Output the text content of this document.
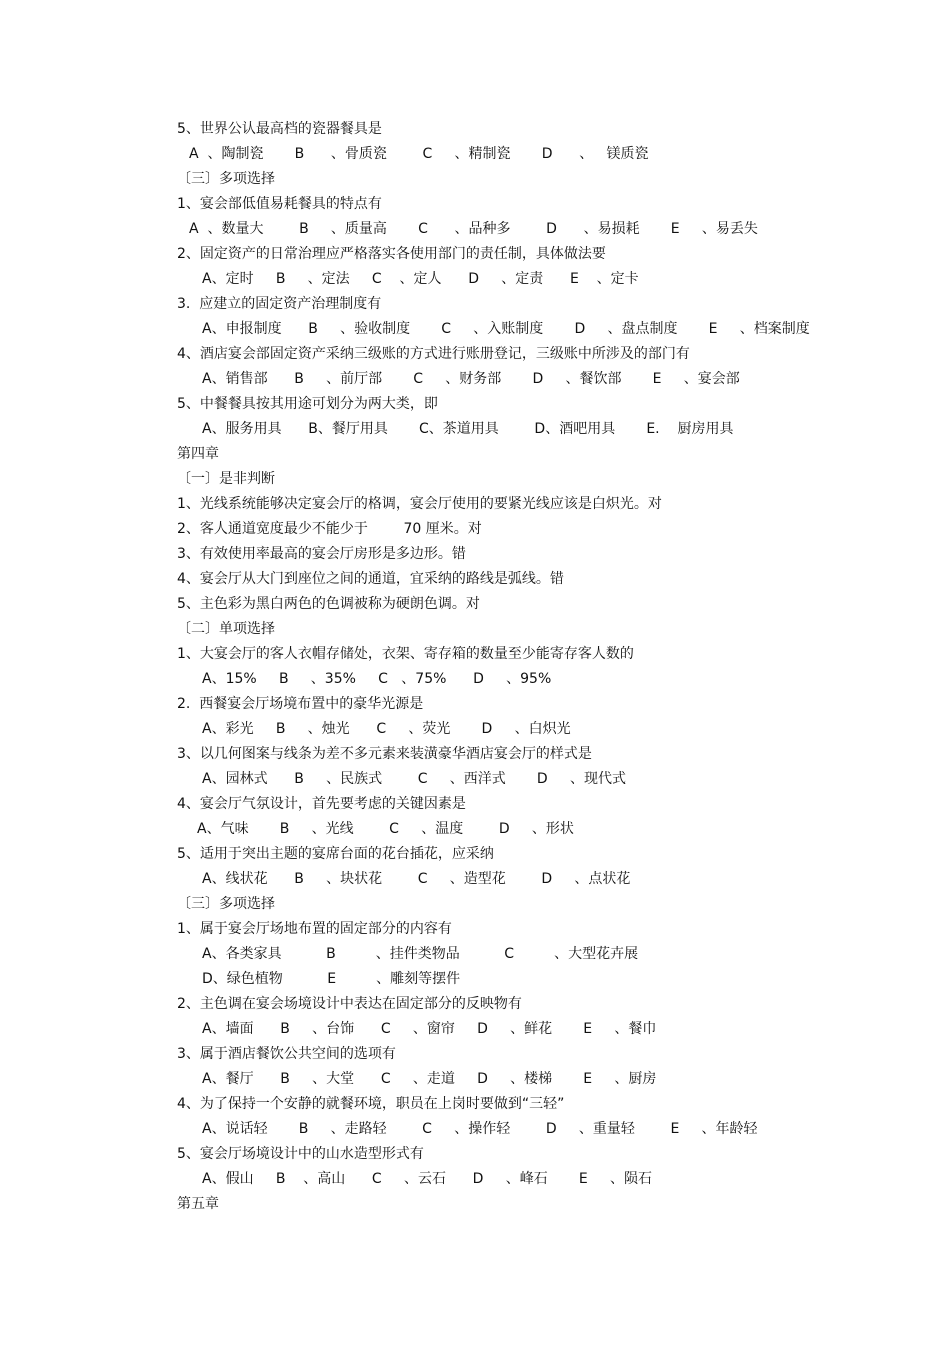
5、世界公认最高档的瓷器餐具是
A  、陶制瓷       B      、骨质瓷        C     、精制瓷       D      、   镁质瓷
〔三〕多项选择
1、宴会部低值易耗餐具的特点有
A  、数量大        B     、质量高       C      、品种多        D      、易损耗       E     、易丢失
2、固定资产的日常治理应严格落实各使用部门的责任制，具体做法要
A、定时     B     、定法     C    、定人      D     、定责      E    、定卡
3.  应建立的固定资产治理制度有
A、申报制度      B     、验收制度       C     、入账制度       D     、盘点制度       E     、档案制度
4、酒店宴会部固定资产采纳三级账的方式进行账册登记，三级账中所涉及的部门有
A、销售部      B     、前厅部       C     、财务部       D     、餐饮部       E     、宴会部
5、中餐餐具按其用途可划分为两大类，即
A、服务用具      B、餐厅用具       C、茶道用具        D、酒吧用具       E.    厨房用具
第四章
〔一〕是非判断
1、光线系统能够决定宴会厅的格调，宴会厅使用的要紧光线应该是白炽光。对
2、客人通道宽度最少不能少于        70 厘米。对
3、有效使用率最高的宴会厅房形是多边形。错
4、宴会厅从大门到座位之间的通道，宜采纳的路线是弧线。错
5、主色彩为黑白两色的色调被称为硬朗色调。对
〔二〕单项选择
1、大宴会厅的客人衣帽存储处，衣架、寄存箱的数量至少能寄存客人数的
A、15%     B     、35%     C   、75%      D     、95%
2.  西餐宴会厅场境布置中的豪华光源是
A、彩光     B     、烛光      C     、荧光       D     、白炽光
3、以几何图案与线条为差不多元素来装潢豪华酒店宴会厅的样式是
A、园林式      B     、民族式        C     、西洋式       D     、现代式
4、宴会厅气氛设计，首先要考虑的关键因素是
A、气味       B     、光线        C     、温度        D     、形状
5、适用于突出主题的宴席台面的花台插花，应采纳
A、线状花      B     、块状花        C     、造型花        D     、点状花
〔三〕多项选择
1、属于宴会厅场地布置的固定部分的内容有
A、各类家具          B         、挂件类物品          C         、大型花卉展
D、绿色植物          E         、雕刻等摆件
2、主色调在宴会场境设计中表达在固定部分的反映物有
A、墙面      B     、台饰      C     、窗帘     D     、鲜花       E     、餐巾
3、属于酒店餐饮公共空间的选项有
A、餐厅      B     、大堂      C     、走道     D     、楼梯       E     、厨房
4、为了保持一个安静的就餐环境，职员在上岗时要做到“三轻”
A、说话轻       B     、走路轻        C     、操作轻        D     、重量轻        E     、年龄轻
5、宴会厅场境设计中的山水造型形式有
A、假山     B    、高山      C     、云石      D     、峰石       E     、陨石
第五章
